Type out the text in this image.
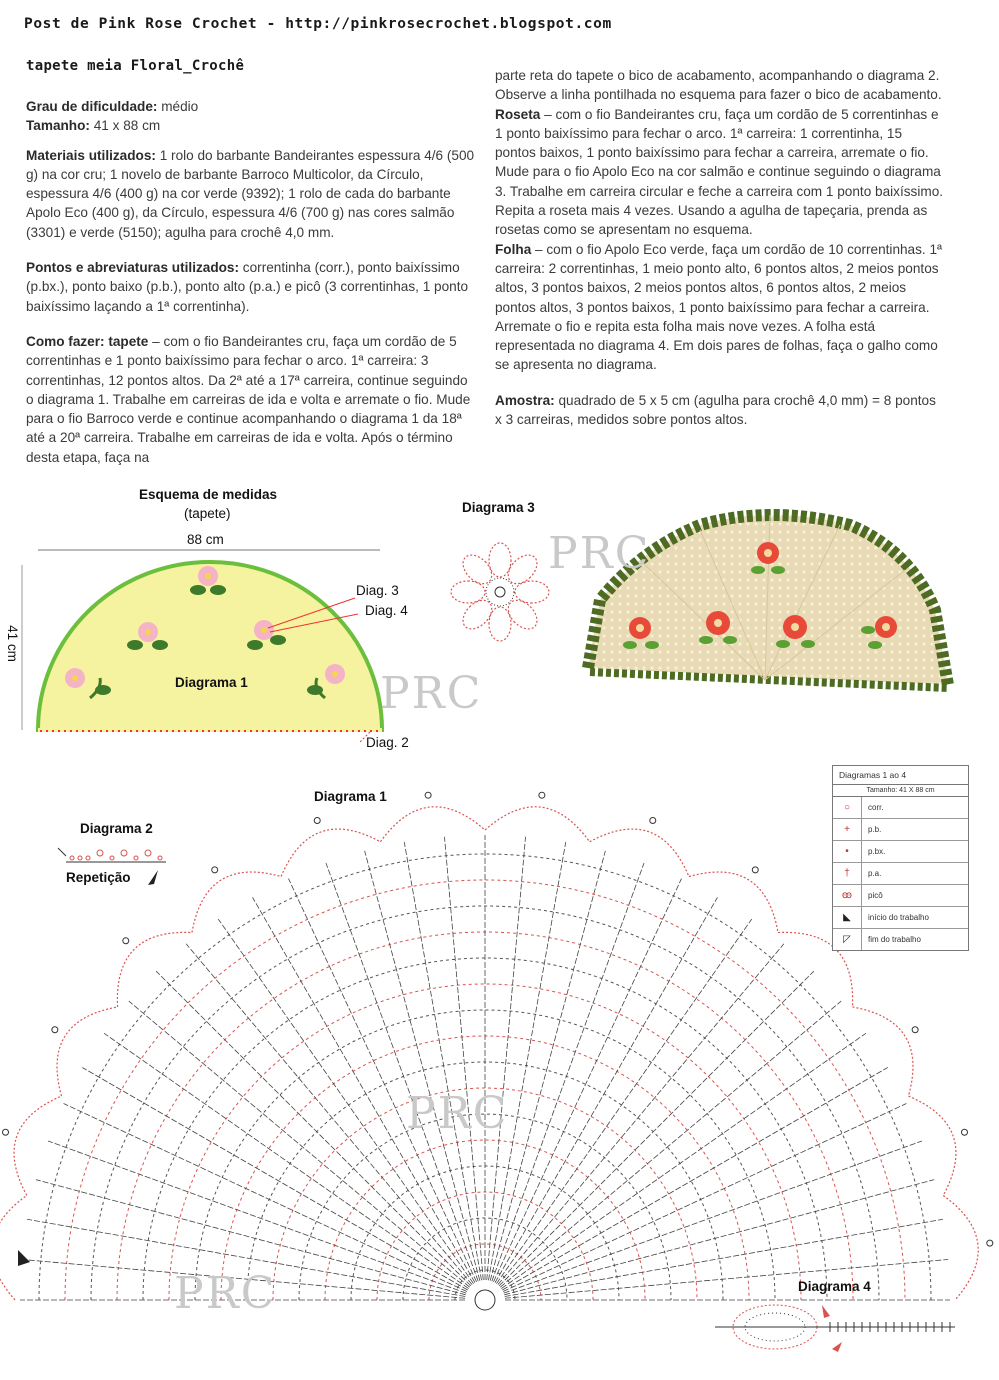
Post de Pink Rose Crochet - http://pinkrosecrochet.blogspot.com
tapete meia Floral_Crochê

Grau de dificuldade: médio

Tamanho: 41 x 88 cm

Materiais utilizados: 1 rolo do barbante Bandeirantes espessura 4/6 (500 g) na cor cru; 1 novelo de barbante Barroco Multicolor, da Círculo, espessura 4/6 (400 g) na cor verde (9392); 1 rolo de cada do barbante Apolo Eco (400 g), da Círculo, espessura 4/6 (700 g) nas cores salmão (3301) e verde (5150); agulha para crochê 4,0 mm.

Pontos e abreviaturas utilizados: correntinha (corr.), ponto baixíssimo (p.bx.), ponto baixo (p.b.), ponto alto (p.a.) e picô (3 correntinhas, 1 ponto baixíssimo laçando a 1ª correntinha).

Como fazer: tapete – com o fio Bandeirantes cru, faça um cordão de 5 correntinhas e 1 ponto baixíssimo para fechar o arco. 1ª carreira: 3 correntinhas, 12 pontos altos. Da 2ª até a 17ª carreira, continue seguindo o diagrama 1. Trabalhe em carreiras de ida e volta e arremate o fio. Mude para o fio Barroco verde e continue acompanhando o diagrama 1 da 18ª até a 20ª carreira. Trabalhe em carreiras de ida e volta. Após o término desta etapa, faça na

parte reta do tapete o bico de acabamento, acompanhando o diagrama 2. Observe a linha pontilhada no esquema para fazer o bico de acabamento.

Roseta – com o fio Bandeirantes cru, faça um cordão de 5 correntinhas e 1 ponto baixíssimo para fechar o arco. 1ª carreira: 1 correntinha, 15 pontos baixos, 1 ponto baixíssimo para fechar a carreira, arremate o fio. Mude para o fio Apolo Eco na cor salmão e continue seguindo o diagrama 3. Trabalhe em carreira circular e feche a carreira com 1 ponto baixíssimo. Repita a roseta mais 4 vezes. Usando a agulha de tapeçaria, prenda as rosetas como se apresentam no esquema.

Folha – com o fio Apolo Eco verde, faça um cordão de 10 correntinhas. 1ª carreira: 2 correntinhas, 1 meio ponto alto, 6 pontos altos, 2 meios pontos altos, 3 pontos baixos, 2 meios pontos altos, 6 pontos altos, 2 meios pontos altos, 3 pontos baixos, 1 ponto baixíssimo para fechar a carreira. Arremate o fio e repita esta folha mais nove vezes. A folha está representada no diagrama 4. Em dois pares de folhas, faça o galho como se apresenta no diagrama.

Amostra: quadrado de 5 x 5 cm (agulha para crochê 4,0 mm) = 8 pontos x 3 carreiras, medidos sobre pontos altos.

Esquema de medidas
(tapete)
88 cm
41 cm
Diagrama 1
Diag. 3
Diag. 4
Diag. 2
Diagrama 3
Diagrama 1
Diagrama 2
Repetição
Diagrama 4
PRC
PRC
PRC
PRC
Diagramas 1 ao 4
Tamanho: 41 X 88 cm
○	corr.
+	p.b.
•	p.bx.
†	p.a.
ꙭ	picô
◣	início do trabalho
◸	fim do trabalho
